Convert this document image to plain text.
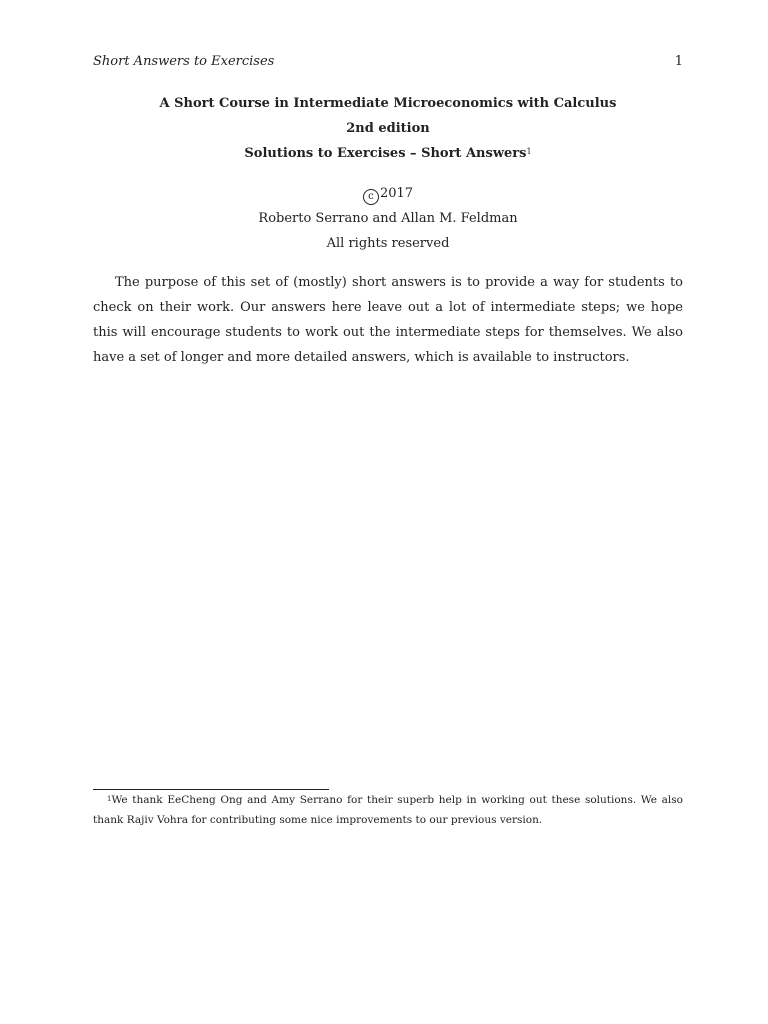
Short Answers to Exercises	1
A Short Course in Intermediate Microeconomics with Calculus
2nd edition
Solutions to Exercises – Short Answers$^1$
c 2017
Roberto Serrano and Allan M. Feldman
All rights reserved

The purpose of this set of (mostly) short answers is to provide a way for students to check on their work. Our answers here leave out a lot of intermediate steps; we hope this will encourage students to work out the intermediate steps for themselves. We also have a set of longer and more detailed answers, which is available to instructors.

$^1$We thank EeCheng Ong and Amy Serrano for their superb help in working out these solutions. We also thank Rajiv Vohra for contributing some nice improvements to our previous version.
